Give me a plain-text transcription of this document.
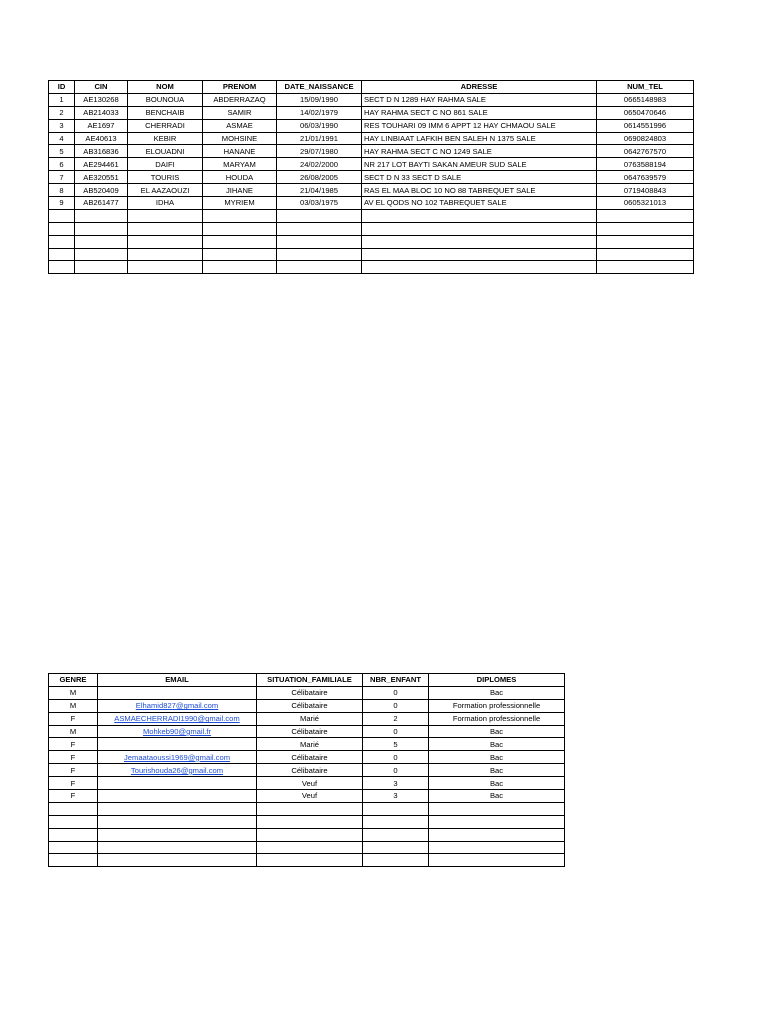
ID	CIN	NOM	PRENOM	DATE_NAISSANCE	ADRESSE	NUM_TEL
1	AE130268	BOUNOUA	ABDERRAZAQ	15/09/1990	SECT D N 1289 HAY RAHMA SALE	0665148983
2	AB214033	BENCHAIB	SAMIR	14/02/1979	HAY RAHMA SECT C NO 861 SALE	0650470646
3	AE1697	CHERRADI	ASMAE	06/03/1990	RES TOUHARI 09 IMM 6 APPT 12 HAY CHMAOU SALE	0614551996
4	AE40613	KEBIR	MOHSINE	21/01/1991	HAY LINBIAAT LAFKIH BEN SALEH N 1375 SALE	0690824803
5	AB316836	ELOUADNI	HANANE	29/07/1980	HAY RAHMA SECT C NO 1249 SALE	0642767570
6	AE294461	DAIFI	MARYAM	24/02/2000	NR 217 LOT BAYTI SAKAN AMEUR SUD SALE	0763588194
7	AE320551	TOURIS	HOUDA	26/08/2005	SECT D N 33 SECT D SALE	0647639579
8	AB520409	EL AAZAOUZI	JIHANE	21/04/1985	RAS EL MAA BLOC 10 NO 88 TABREQUET SALE	0719408843
9	AB261477	IDHA	MYRIEM	03/03/1975	AV EL QODS NO 102 TABREQUET SALE	0605321013

GENRE	EMAIL	SITUATION_FAMILIALE	NBR_ENFANT	DIPLOMES
M		Célibataire	0	Bac
M	Elhamid827@gmail.com	Célibataire	0	Formation professionnelle
F	ASMAECHERRADI1990@gmail.com	Marié	2	Formation professionnelle
M	Mohkeb90@gmail.fr	Célibataire	0	Bac
F		Marié	5	Bac
F	Jemaataoussi1969@gmail.com	Célibataire	0	Bac
F	Tourishouda26@gmail.com	Célibataire	0	Bac
F		Veuf	3	Bac
F		Veuf	3	Bac
